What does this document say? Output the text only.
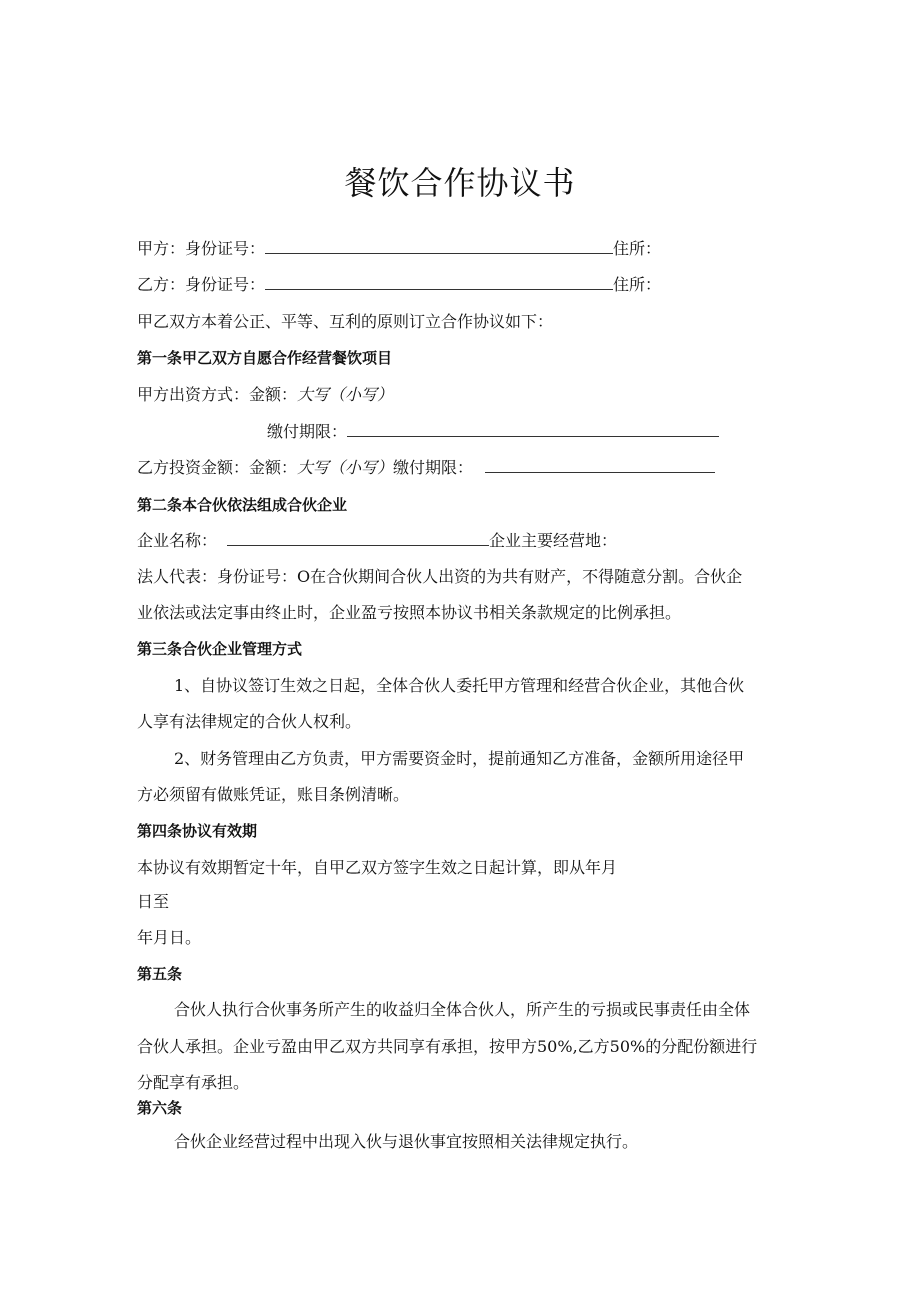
餐饮合作协议书
甲方：身份证号：	住所：
乙方：身份证号：	住所：
甲乙双方本着公正、平等、互利的原则订立合作协议如下：
第一条甲乙双方自愿合作经营餐饮项目
甲方出资方式：金额：大写（小写）
缴付期限：
乙方投资金额：金额：大写（小写）缴付期限：
第二条本合伙依法组成合伙企业
企业名称：	企业主要经营地：
法人代表：身份证号：O在合伙期间合伙人出资的为共有财产，不得随意分割。合伙企
业依法或法定事由终止时，企业盈亏按照本协议书相关条款规定的比例承担。
第三条合伙企业管理方式
1、自协议签订生效之日起，全体合伙人委托甲方管理和经营合伙企业，其他合伙
人享有法律规定的合伙人权利。
2、财务管理由乙方负责，甲方需要资金时，提前通知乙方准备，金额所用途径甲
方必须留有做账凭证，账目条例清晰。
第四条协议有效期
本协议有效期暂定十年，自甲乙双方签字生效之日起计算，即从年月
日至
年月日。
第五条
合伙人执行合伙事务所产生的收益归全体合伙人，所产生的亏损或民事责任由全体
合伙人承担。企业亏盈由甲乙双方共同享有承担，按甲方50%,乙方50%的分配份额进行
分配享有承担。
第六条
合伙企业经营过程中出现入伙与退伙事宜按照相关法律规定执行。
